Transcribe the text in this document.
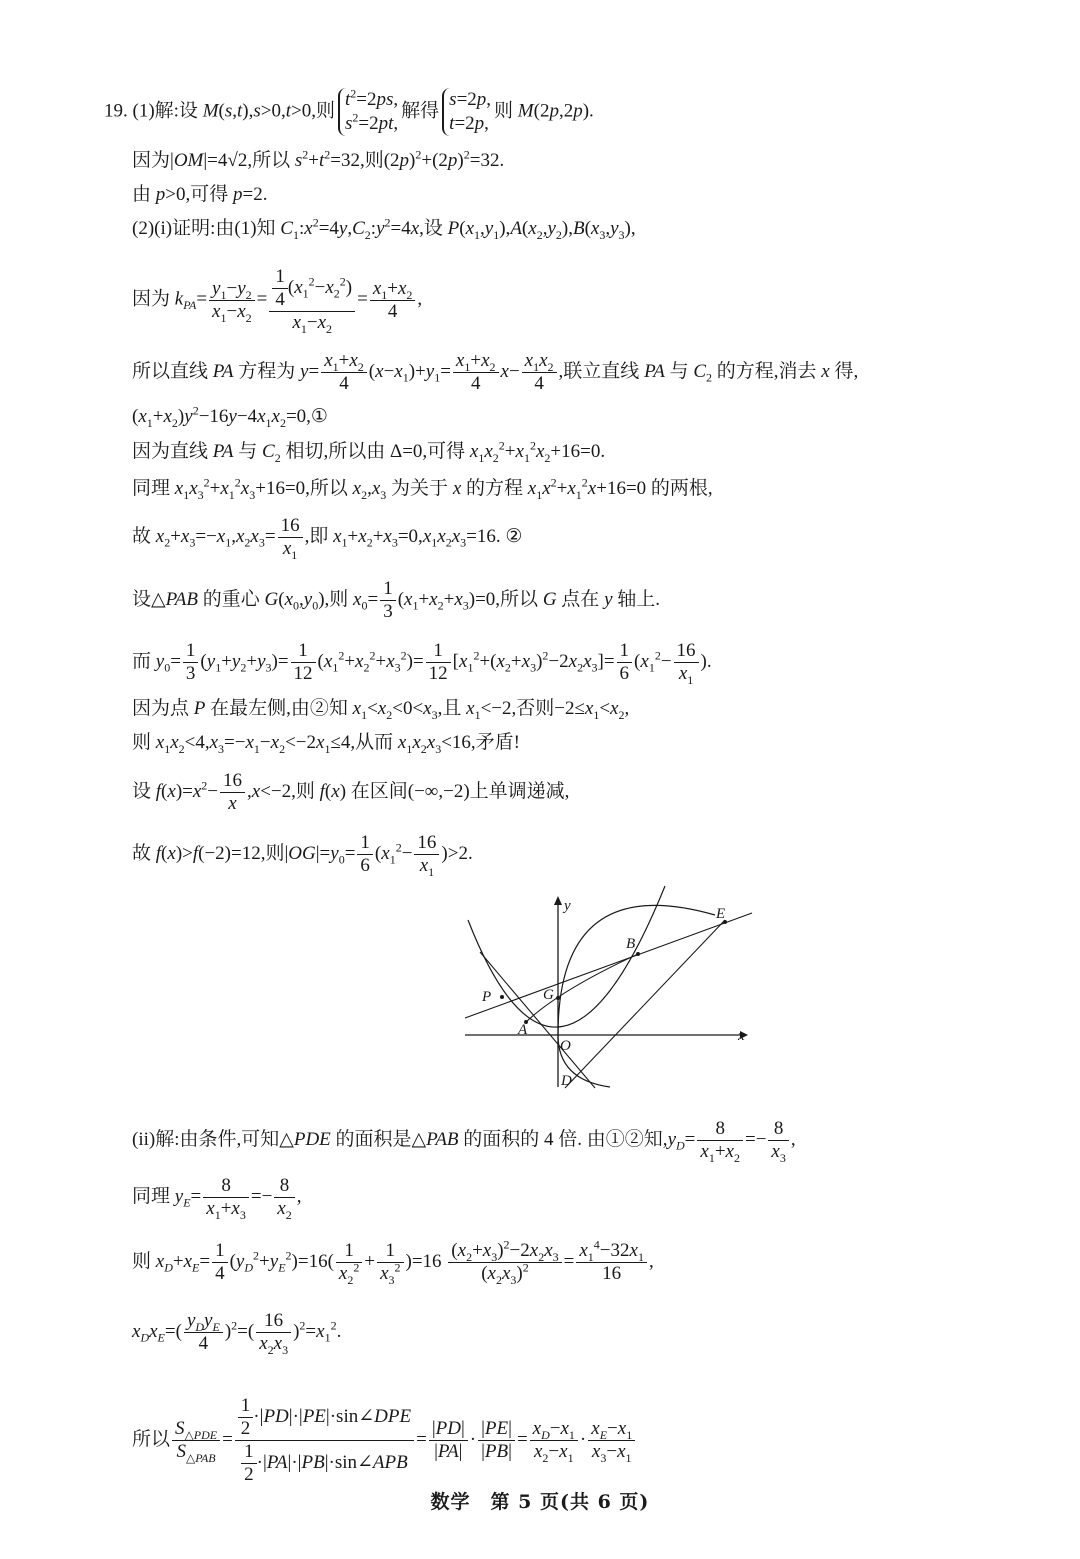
19. (1)解:设 M(s,t),s>0,t>0,则
$t^2=2ps$,
$s^2=2pt$,
解得
s=2p,
t=2p,
则 M(2p,2p).
因为|OM|=4√2,所以 $s^2+t^2=32$,则$(2p)^2+(2p)^2=32$.
由 p>0,可得 p=2.
(2)(i)证明:由(1)知 $C_1:x^2=4y,C_2:y^2=4x$,设 $P(x_1,y_1),A(x_2,y_2),B(x_3,y_3)$,
因为 $k_{PA}= \frac{y_1-y_2}{x_1-x_2} = \frac{\frac{1}{4} (x_1^2-x_2^2)}{x_1-x_2} = \frac{x_1+x_2}{4}$ ,
所以直线 PA 方程为 $y= \frac{x_1+x_2}{4} (x-x_1)+y_1= \frac{x_1+x_2}{4} x- \frac{x_1x_2}{4}$ ,联立直线 PA 与 $C_2$ 的方程,消去 x 得,
$(x_1+x_2)y^2-16y-4x_1x_2=0,①$
因为直线 PA 与 $C_2$ 相切,所以由 Δ=0,可得 $x_1x_2^2+x_1^2x_2+16=0$.
同理 $x_1x_3^2+x_1^2x_3+16=0$,所以 $x_2,x_3$ 为关于 x 的方程 $x_1x^2+x_1^2x+16=0$ 的两根,
故 $x_2+x_3=-x_1,x_2x_3= \frac{16}{x_1}$ ,即 $x_1+x_2+x_3=0,x_1x_2x_3=16$. ②
设△PAB 的重心 $G(x_0,y_0)$,则 $x_0= \frac{1}{3} (x_1+x_2+x_3)=0$,所以 G 点在 y 轴上.
而 $y_0= \frac{1}{3} (y_1+y_2+y_3)= \frac{1}{12} (x_1^2+x_2^2+x_3^2)= \frac{1}{12} [x_1^2+(x_2+x_3)^2-2x_2x_3]= \frac{1}{6} (x_1^2- \frac{16}{x_1}$ ).
因为点 P 在最左侧,由②知 $x_1<x_2<0<x_3$,且 $x_1<-2$,否则$-2\le x_1<x_2$,
则 $x_1x_2<4,x_3=-x_1-x_2<-2x_1\le 4$,从而 $x_1x_2x_3<16$,矛盾!
设 $f(x)=x^2- \frac{16}{x} ,x<-2$,则 f(x) 在区间(−∞,−2)上单调递减,
故 f(x)>f(−2)=12,则$|OG|=y_0= \frac{1}{6} (x_1^2- \frac{16}{x_1} )>2$.
y
x
E
B
P	G
A
O
D
(ii)解:由条件,可知△PDE 的面积是△PAB 的面积的 4 倍. 由①②知$,y_D= \frac{8}{x_1+x_2} =- \frac{8}{x_3}$ ,
同理 $y_E= \frac{8}{x_1+x_3} =- \frac{8}{x_2}$ ,
则 $x_D+x_E= \frac{1}{4} (y_D^2+y_E^2)=16( \frac{1}{x_2^2} + \frac{1}{x_3^2} )=16 \frac{(x_2+x_3)^2-2x_2x_3}{(x_2x_3)^2} = \frac{x_1^4-32x_1}{16}$ ,
$x_Dx_E=( \frac{y_Dy_E}{4} )^2=( \frac{16}{x_2x_3} )^2=x_1^2$.
所以 $\frac{S_{\triangle PDE}}{S_{\triangle PAB}} = \frac{\frac{1}{2} \cdot|PD|\cdot|PE|\cdot\sin\angle DPE}{\frac{1}{2} \cdot|PA|\cdot|PB|\cdot\sin\angle APB} = \frac{|PD|}{|PA|} \cdot \frac{|PE|}{|PB|} = \frac{x_D-x_1}{x_2-x_1} \cdot \frac{x_E-x_1}{x_3-x_1}$
数学　第 5 页(共 6 页)
